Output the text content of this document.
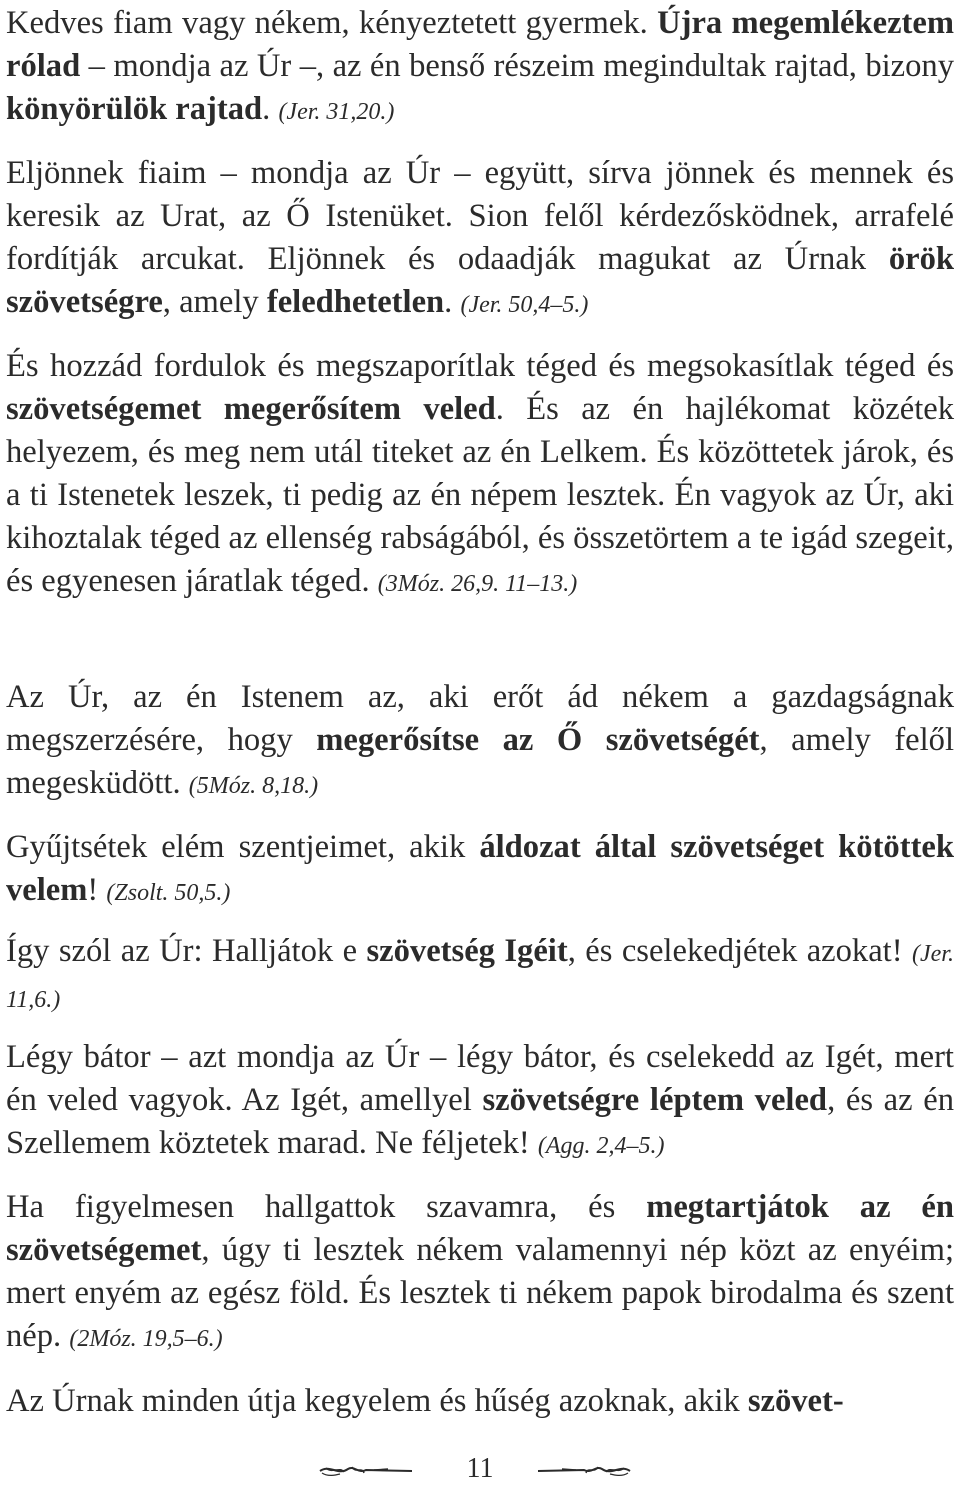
Kedves fiam vagy nékem, kényeztetett gyermek. Újra megemlékeztem rólad – mondja az Úr –, az én benső részeim megindultak rajtad, bizony könyörülök rajtad. (Jer. 31,20.)

Eljönnek fiaim – mondja az Úr – együtt, sírva jönnek és mennek és keresik az Urat, az Ő Istenüket. Sion felől kérdezősködnek, arrafelé fordítják arcukat. Eljönnek és odaadják magukat az Úrnak örök szövetségre, amely feledhetetlen. (Jer. 50,4–5.)

És hozzád fordulok és megszaporítlak téged és megsokasítlak téged és szövetségemet megerősítem veled. És az én hajlékomat közétek helyezem, és meg nem utál titeket az én Lelkem. És közöttetek járok, és a ti Istenetek leszek, ti pedig az én népem lesztek. Én vagyok az Úr, aki kihoztalak téged az ellenség rabságából, és összetörtem a te igád szegeit, és egyenesen járatlak téged. (3Móz. 26,9. 11–13.)

Az Úr, az én Istenem az, aki erőt ád nékem a gazdagságnak megszerzésére, hogy megerősítse az Ő szövetségét, amely felől megesküdött. (5Móz. 8,18.)

Gyűjtsétek elém szentjeimet, akik áldozat által szövetséget kötöttek velem! (Zsolt. 50,5.)

Így szól az Úr: Halljátok e szövetség Igéit, és cselekedjétek azokat! (Jer. 11,6.)

Légy bátor – azt mondja az Úr – légy bátor, és cselekedd az Igét, mert én veled vagyok. Az Igét, amellyel szövetségre léptem veled, és az én Szellemem köztetek marad. Ne féljetek! (Agg. 2,4–5.)

Ha figyelmesen hallgattok szavamra, és megtartjátok az én szövetségemet, úgy ti lesztek nékem valamennyi nép közt az enyéim; mert enyém az egész föld. És lesztek ti nékem papok birodalma és szent nép. (2Móz. 19,5–6.)

Az Úrnak minden útja kegyelem és hűség azoknak, akik szövet-

11
